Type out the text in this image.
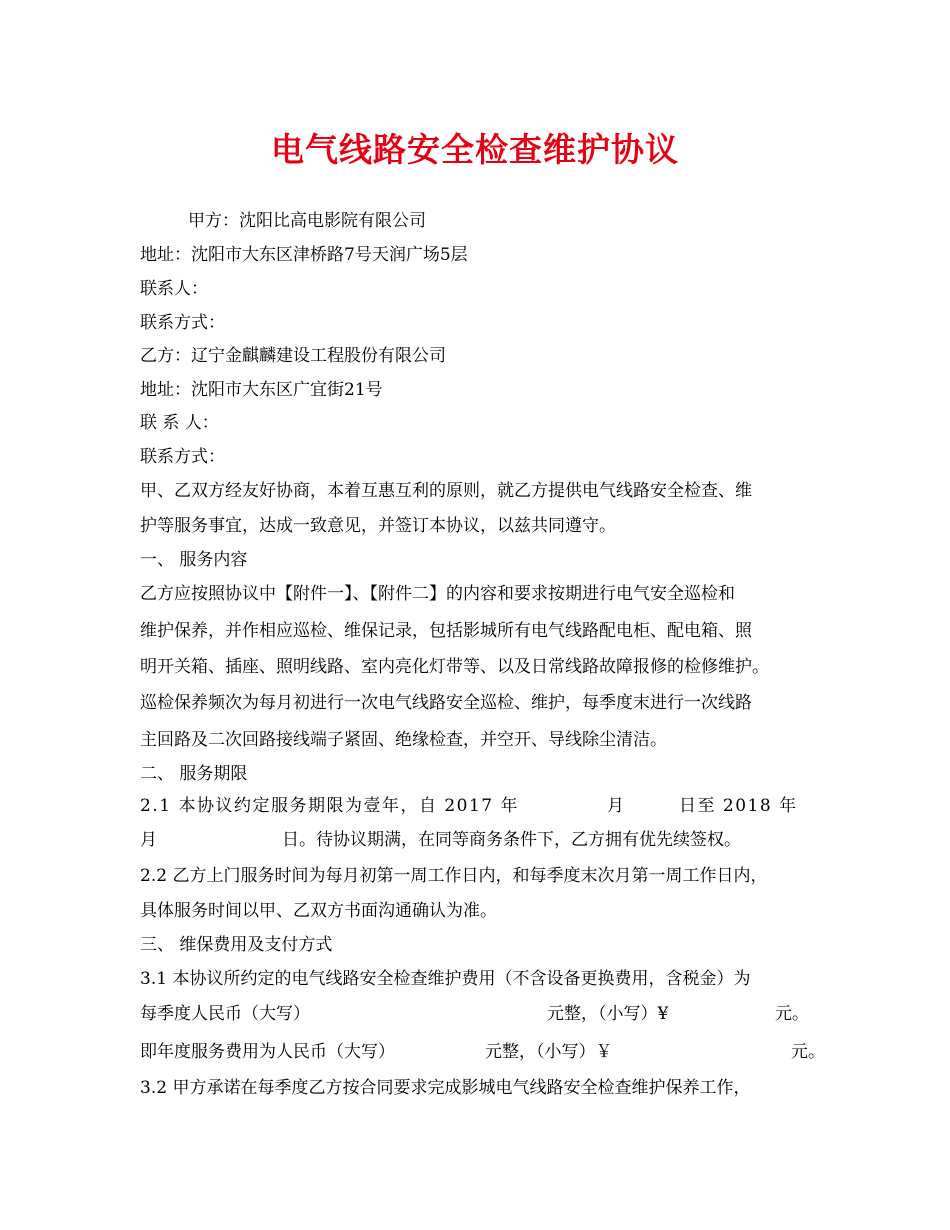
电气线路安全检查维护协议
甲方：沈阳比高电影院有限公司
地址：沈阳市大东区津桥路7号天润广场5层
联系人：
联系方式：
乙方：辽宁金麒麟建设工程股份有限公司
地址：沈阳市大东区广宜街21号
联 系 人：
联系方式：
甲、乙双方经友好协商，本着互惠互利的原则，就乙方提供电气线路安全检查、维
护等服务事宜，达成一致意见，并签订本协议，以兹共同遵守。
一、 服务内容
乙方应按照协议中【附件一】、【附件二】的内容和要求按期进行电气安全巡检和
维护保养，并作相应巡检、维保记录，包括影城所有电气线路配电柜、配电箱、照
明开关箱、插座、照明线路、室内亮化灯带等、以及日常线路故障报修的检修维护。
巡检保养频次为每月初进行一次电气线路安全巡检、维护，每季度末进行一次线路
主回路及二次回路接线端子紧固、绝缘检查，并空开、导线除尘清洁。
二、 服务期限
2.1 本协议约定服务期限为壹年，自 2017 年	月	日至 2018 年
月	日。待协议期满，在同等商务条件下，乙方拥有优先续签权。
2.2 乙方上门服务时间为每月初第一周工作日内，和每季度末次月第一周工作日内，
具体服务时间以甲、乙双方书面沟通确认为准。
三、 维保费用及支付方式
3.1 本协议所约定的电气线路安全检查维护费用（不含设备更换费用，含税金）为
每季度人民币（大写）	元整，（小写）¥	元。
即年度服务费用为人民币（大写）	元整，（小写）￥	元。
3.2 甲方承诺在每季度乙方按合同要求完成影城电气线路安全检查维护保养工作，
